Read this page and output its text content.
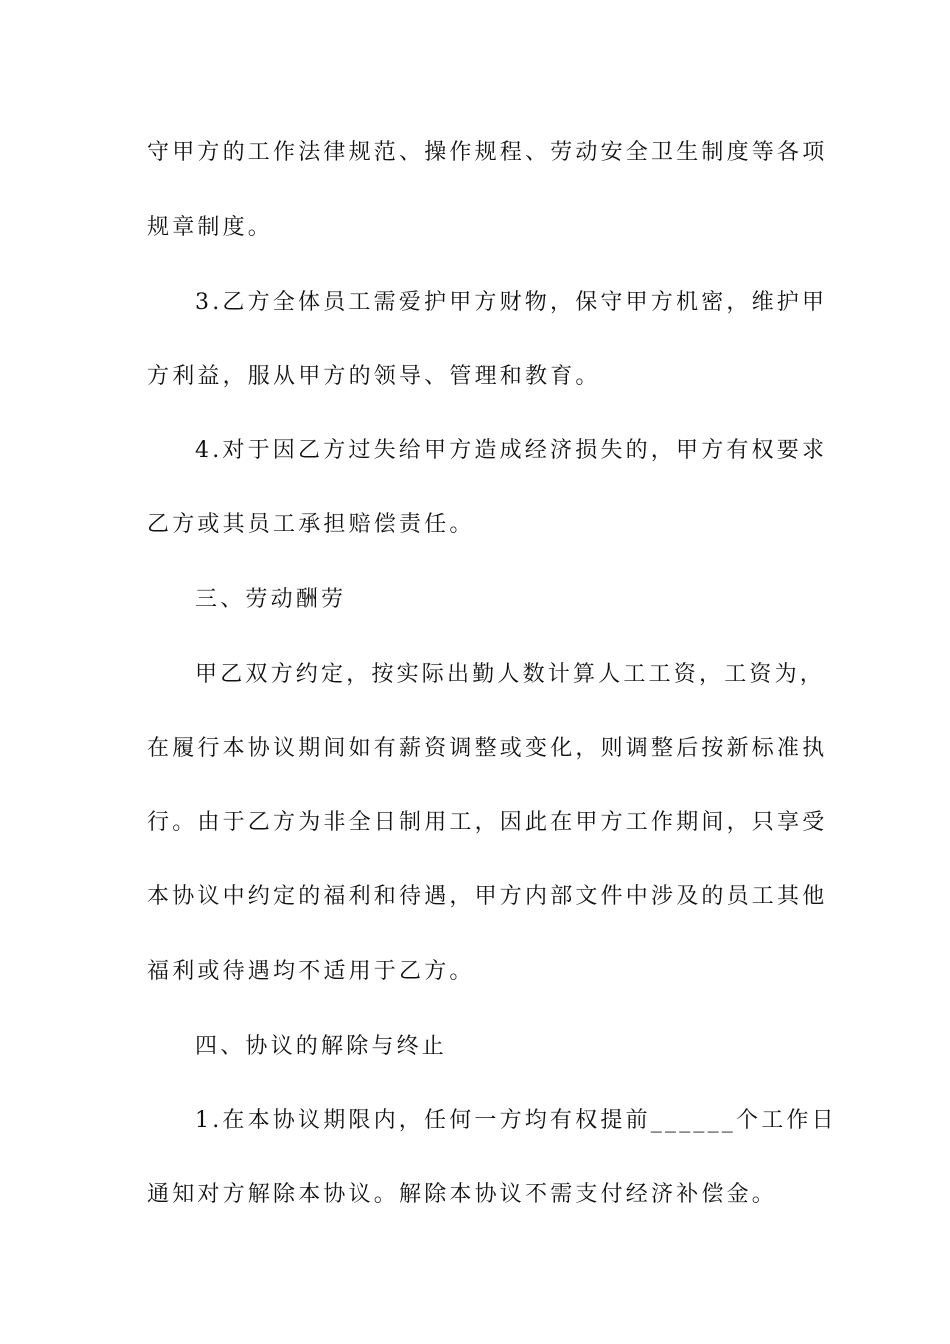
守甲方的工作法律规范、操作规程、劳动安全卫生制度等各项
规章制度。
3.乙方全体员工需爱护甲方财物，保守甲方机密，维护甲
方利益，服从甲方的领导、管理和教育。
4.对于因乙方过失给甲方造成经济损失的，甲方有权要求
乙方或其员工承担赔偿责任。
三、劳动酬劳
甲乙双方约定，按实际出勤人数计算人工工资，工资为，
在履行本协议期间如有薪资调整或变化，则调整后按新标准执
行。由于乙方为非全日制用工，因此在甲方工作期间，只享受
本协议中约定的福利和待遇，甲方内部文件中涉及的员工其他
福利或待遇均不适用于乙方。
四、协议的解除与终止
1.在本协议期限内，任何一方均有权提前______个工作日
通知对方解除本协议。解除本协议不需支付经济补偿金。
